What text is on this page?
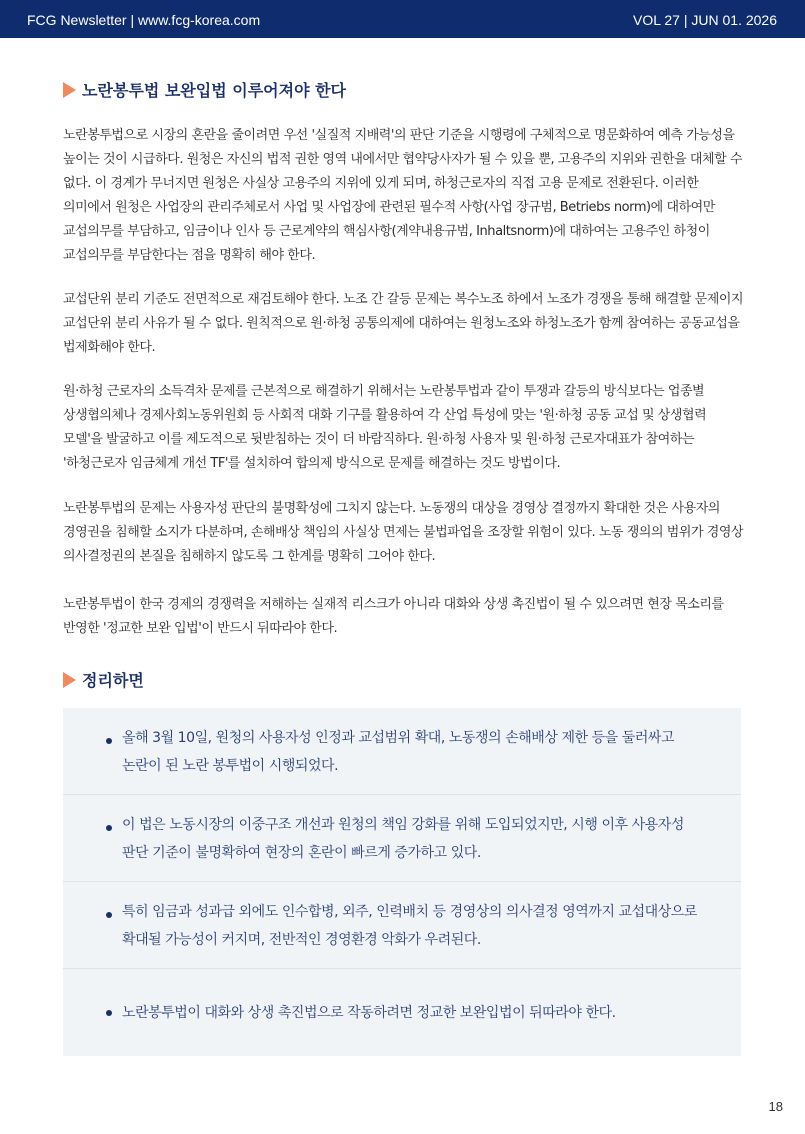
FCG Newsletter | www.fcg-korea.com	VOL 27 | JUN 01. 2026
노란봉투법 보완입법 이루어져야 한다

노란봉투법으로 시장의 혼란을 줄이려면 우선 '실질적 지배력'의 판단 기준을 시행령에 구체적으로 명문화하여 예측 가능성을 높이는 것이 시급하다. 원청은 자신의 법적 권한 영역 내에서만 협약당사자가 될 수 있을 뿐, 고용주의 지위와 권한을 대체할 수 없다. 이 경계가 무너지면 원청은 사실상 고용주의 지위에 있게 되며, 하청근로자의 직접 고용 문제로 전환된다. 이러한 의미에서 원청은 사업장의 관리주체로서 사업 및 사업장에 관련된 필수적 사항(사업 장규범, Betriebs norm)에 대하여만 교섭의무를 부담하고, 임금이나 인사 등 근로계약의 핵심사항(계약내용규범, Inhaltsnorm)에 대하여는 고용주인 하청이 교섭의무를 부담한다는 점을 명확히 해야 한다.

교섭단위 분리 기준도 전면적으로 재검토해야 한다. 노조 간 갈등 문제는 복수노조 하에서 노조가 경쟁을 통해 해결할 문제이지 교섭단위 분리 사유가 될 수 없다. 원칙적으로 원·하청 공통의제에 대하여는 원청노조와 하청노조가 함께 참여하는 공동교섭을 법제화해야 한다.

원·하청 근로자의 소득격차 문제를 근본적으로 해결하기 위해서는 노란봉투법과 같이 투쟁과 갈등의 방식보다는 업종별 상생협의체나 경제사회노동위원회 등 사회적 대화 기구를 활용하여 각 산업 특성에 맞는 '원·하청 공동 교섭 및 상생협력 모델'을 발굴하고 이를 제도적으로 뒷받침하는 것이 더 바람직하다. 원·하청 사용자 및 원·하청 근로자대표가 참여하는 '하청근로자 임금체계 개선 TF'를 설치하여 합의제 방식으로 문제를 해결하는 것도 방법이다.

노란봉투법의 문제는 사용자성 판단의 불명확성에 그치지 않는다. 노동쟁의 대상을 경영상 결정까지 확대한 것은 사용자의 경영권을 침해할 소지가 다분하며, 손해배상 책임의 사실상 면제는 불법파업을 조장할 위험이 있다. 노동 쟁의의 범위가 경영상 의사결정권의 본질을 침해하지 않도록 그 한계를 명확히 그어야 한다.

노란봉투법이 한국 경제의 경쟁력을 저해하는 실재적 리스크가 아니라 대화와 상생 촉진법이 될 수 있으려면 현장 목소리를 반영한 '정교한 보완 입법'이 반드시 뒤따라야 한다.

정리하면
올해 3월 10일, 원청의 사용자성 인정과 교섭범위 확대, 노동쟁의 손해배상 제한 등을 둘러싸고 논란이 된 노란 봉투법이 시행되었다.
이 법은 노동시장의 이중구조 개선과 원청의 책임 강화를 위해 도입되었지만, 시행 이후 사용자성 판단 기준이 불명확하여 현장의 혼란이 빠르게 증가하고 있다.
특히 임금과 성과급 외에도 인수합병, 외주, 인력배치 등 경영상의 의사결정 영역까지 교섭대상으로 확대될 가능성이 커지며, 전반적인 경영환경 악화가 우려된다.
노란봉투법이 대화와 상생 촉진법으로 작동하려면 정교한 보완입법이 뒤따라야 한다.
18
